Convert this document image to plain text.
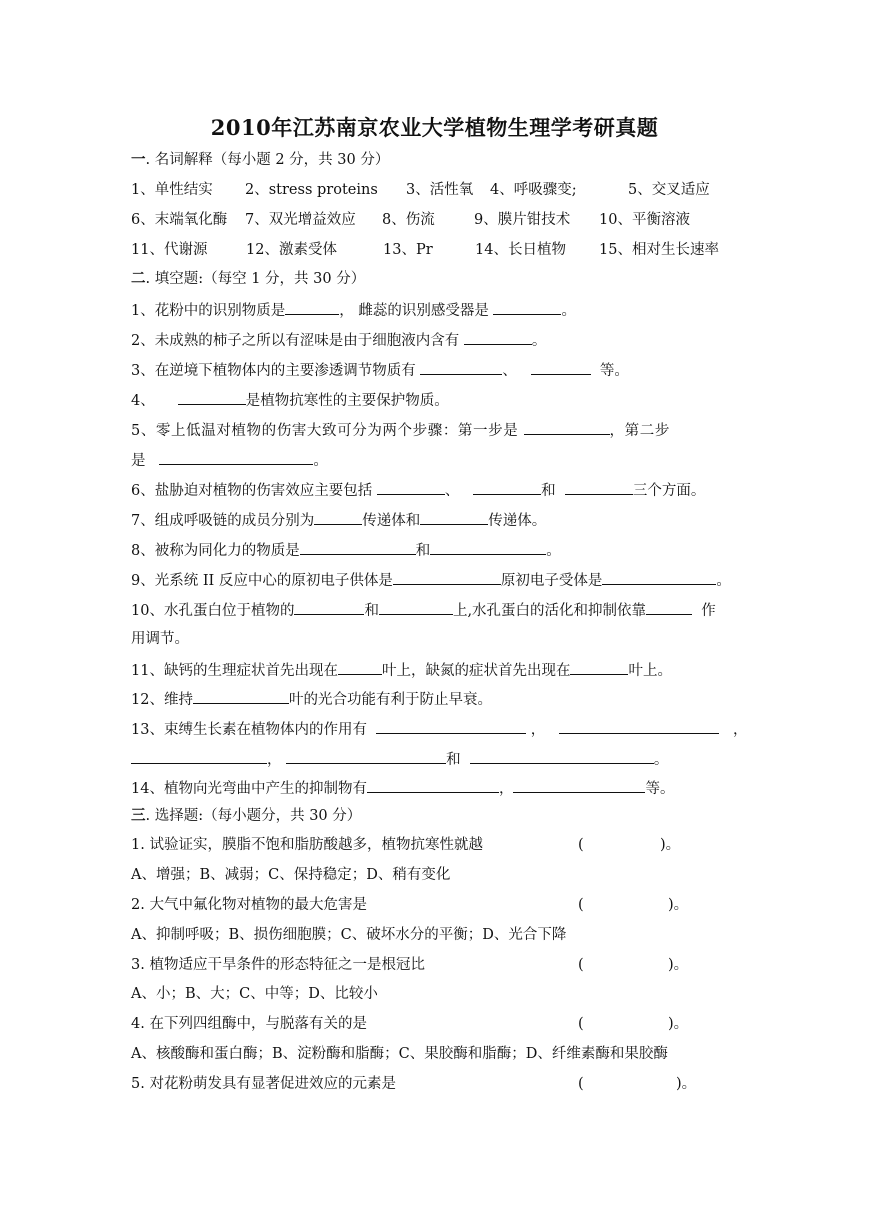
2010年江苏南京农业大学植物生理学考研真题
一. 名词解释（每小题 2 分，共 30 分）
1、单性结实 2、stress proteins 3、活性氧 4、呼吸骤变;	5、交叉适应
6、末端氧化酶 7、双光增益效应 8、伤流	9、膜片钳技术 10、平衡溶液
11、代谢源	12、激素受体	13、Pr	14、长日植物 15、相对生长速率
二. 填空题:（每空 1 分，共 30 分）
1、花粉中的识别物质是	， 雌蕊的识别感受器是	。
2、未成熟的柿子之所以有涩味是由于细胞液内含有	。
3、在逆境下植物体内的主要渗透调节物质有	、	等。
4、	是植物抗寒性的主要保护物质。
5、零上低温对植物的伤害大致可分为两个步骤：第一步是	，第二步
是	。
6、盐胁迫对植物的伤害效应主要包括	、	和	三个方面。
7、组成呼吸链的成员分别为	传递体和	传递体。
8、被称为同化力的物质是	和	。
9、光系统 II 反应中心的原初电子供体是	原初电子受体是	。
10、水孔蛋白位于植物的	和	上,水孔蛋白的活化和抑制依靠	作
用调节。
11、缺钙的生理症状首先出现在	叶上，缺氮的症状首先出现在	叶上。
12、维持	叶的光合功能有利于防止早衰。
13、束缚生长素在植物体内的作用有	，	，
，	和	。
14、植物向光弯曲中产生的抑制物有	，	等。
三. 选择题:（每小题分，共 30 分）
1. 试验证实，膜脂不饱和脂肪酸越多，植物抗寒性就越	(	)。
A、增强；B、减弱；C、保持稳定；D、稍有变化
2. 大气中氟化物对植物的最大危害是	(	)。
A、抑制呼吸；B、损伤细胞膜；C、破坏水分的平衡；D、光合下降
3. 植物适应干旱条件的形态特征之一是根冠比	(	)。
A、小；B、大；C、中等；D、比较小
4. 在下列四组酶中，与脱落有关的是	(	)。
A、核酸酶和蛋白酶；B、淀粉酶和脂酶；C、果胶酶和脂酶；D、纤维素酶和果胶酶
5. 对花粉萌发具有显著促进效应的元素是	(	)。
